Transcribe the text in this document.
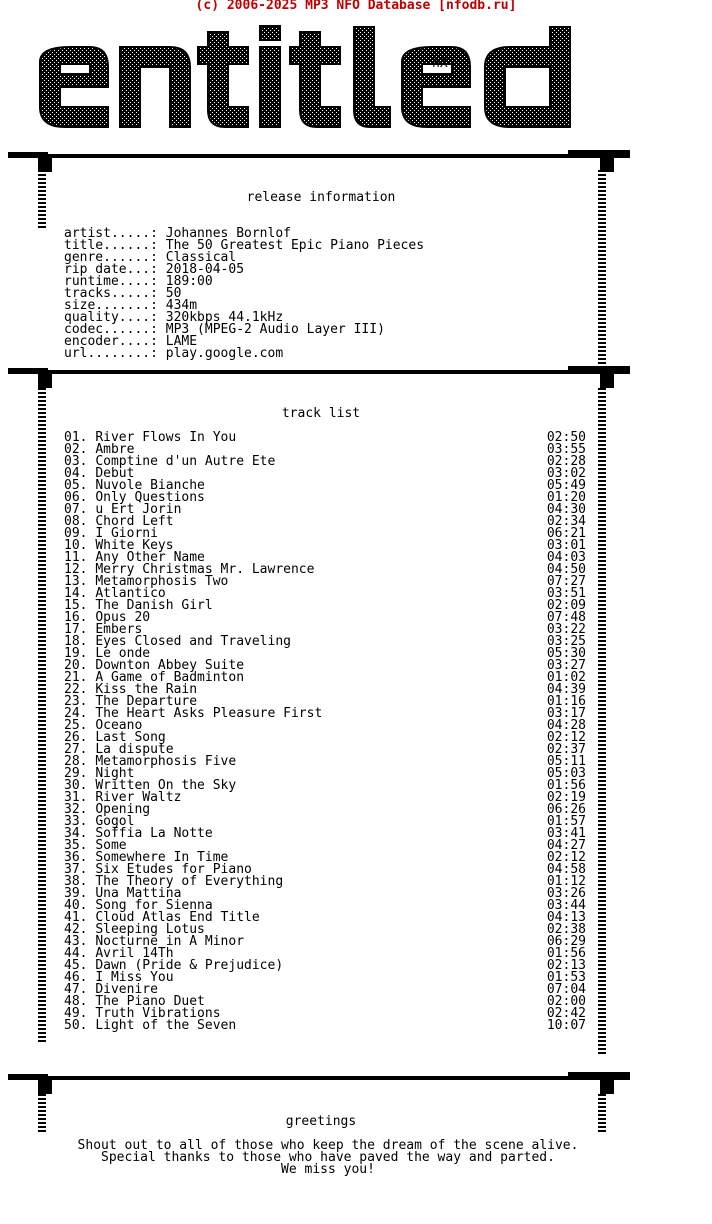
(c) 2006-2025 MP3 NFO Database [nfodb.ru]
hX!
release information
artist.....: Johannes Bornlof
title......: The 50 Greatest Epic Piano Pieces
genre......: Classical
rip date...: 2018-04-05
runtime....: 189:00
tracks.....: 50
size.......: 434m
quality....: 320kbps 44.1kHz
codec......: MP3 (MPEG-2 Audio Layer III)
encoder....: LAME
url........: play.google.com
track list
01. River Flows In You	02:50
02. Ambre	03:55
03. Comptine d'un Autre Ete	02:28
04. Debut	03:02
05. Nuvole Bianche	05:49
06. Only Questions	01:20
07. u Ert Jorin	04:30
08. Chord Left	02:34
09. I Giorni	06:21
10. White Keys	03:01
11. Any Other Name	04:03
12. Merry Christmas Mr. Lawrence	04:50
13. Metamorphosis Two	07:27
14. Atlantico	03:51
15. The Danish Girl	02:09
16. Opus 20	07:48
17. Embers	03:22
18. Eyes Closed and Traveling	03:25
19. Le onde	05:30
20. Downton Abbey Suite	03:27
21. A Game of Badminton	01:02
22. Kiss the Rain	04:39
23. The Departure	01:16
24. The Heart Asks Pleasure First	03:17
25. Oceano	04:28
26. Last Song	02:12
27. La dispute	02:37
28. Metamorphosis Five	05:11
29. Night	05:03
30. Written On the Sky	01:56
31. River Waltz	02:19
32. Opening	06:26
33. Gogol	01:57
34. Soffia La Notte	03:41
35. Some	04:27
36. Somewhere In Time	02:12
37. Six Etudes for Piano	04:58
38. The Theory of Everything	01:12
39. Una Mattina	03:26
40. Song for Sienna	03:44
41. Cloud Atlas End Title	04:13
42. Sleeping Lotus	02:38
43. Nocturne in A Minor	06:29
44. Avril 14Th	01:56
45. Dawn (Pride & Prejudice)	02:13
46. I Miss You	01:53
47. Divenire	07:04
48. The Piano Duet	02:00
49. Truth Vibrations	02:42
50. Light of the Seven	10:07
greetings
Shout out to all of those who keep the dream of the scene alive.
Special thanks to those who have paved the way and parted.
We miss you!
